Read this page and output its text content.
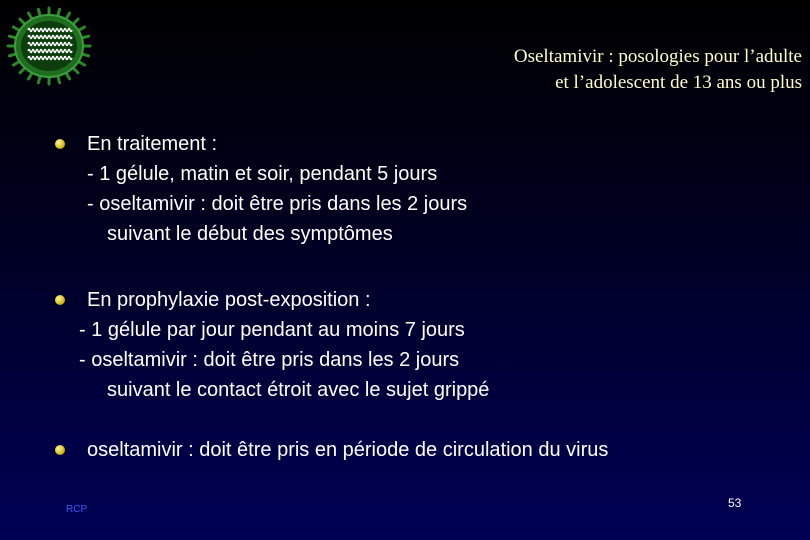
Oseltamivir : posologies pour l’adulte
et l’adolescent de 13 ans ou plus
En traitement :
- 1 gélule, matin et soir, pendant 5 jours
- oseltamivir : doit être pris dans les 2 jours
suivant le début des symptômes
En prophylaxie post-exposition :
- 1 gélule par jour pendant au moins 7 jours
- oseltamivir : doit être pris dans les 2 jours
suivant le contact étroit avec le sujet grippé
oseltamivir : doit être pris en période de circulation du virus
RCP	53
